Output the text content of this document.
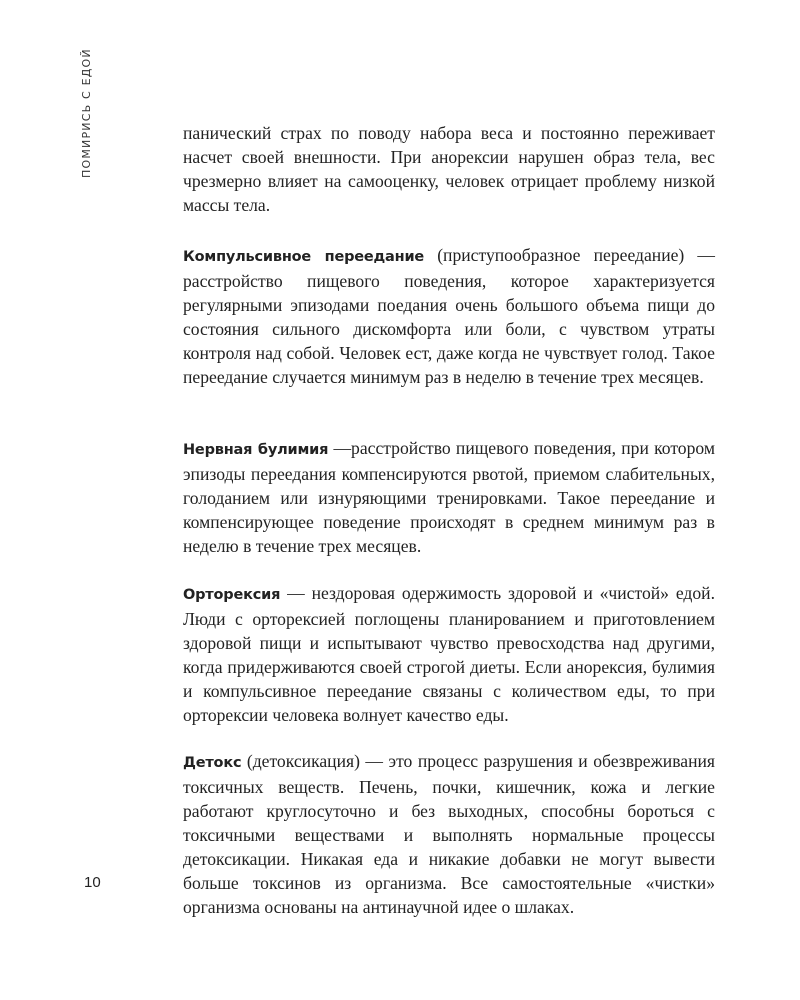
ПОМИРИСЬ С ЕДОЙ
10

панический страх по поводу набора веса и постоянно переживает насчет своей внешности. При анорексии нарушен образ тела, вес чрезмерно влияет на самооценку, человек отрицает проблему низкой массы тела.

Компульсивное переедание (приступообразное переедание) — расстройство пищевого поведения, которое характеризуется регулярными эпизодами поедания очень большого объема пищи до состояния сильного дискомфорта или боли, с чувством утраты контроля над собой. Человек ест, даже когда не чувствует голод. Такое переедание случается минимум раз в неделю в течение трех месяцев.

Нервная булимия —расстройство пищевого поведения, при котором эпизоды переедания компенсируются рвотой, приемом слабительных, голоданием или изнуряющими тренировками. Такое переедание и компенсирующее поведение происходят в среднем минимум раз в неделю в течение трех месяцев.

Орторексия — нездоровая одержимость здоровой и «чистой» едой. Люди с орторексией поглощены планированием и приготовлением здоровой пищи и испытывают чувство превосходства над другими, когда придерживаются своей строгой диеты. Если анорексия, булимия и компульсивное переедание связаны с количеством еды, то при орторексии человека волнует качество еды.

Детокс (детоксикация) — это процесс разрушения и обезвреживания токсичных веществ. Печень, почки, кишечник, кожа и легкие работают круглосуточно и без выходных, способны бороться с токсичными веществами и выполнять нормальные процессы детоксикации. Никакая еда и никакие добавки не могут вывести больше токсинов из организма. Все самостоятельные «чистки» организма основаны на антинаучной идее о шлаках.
